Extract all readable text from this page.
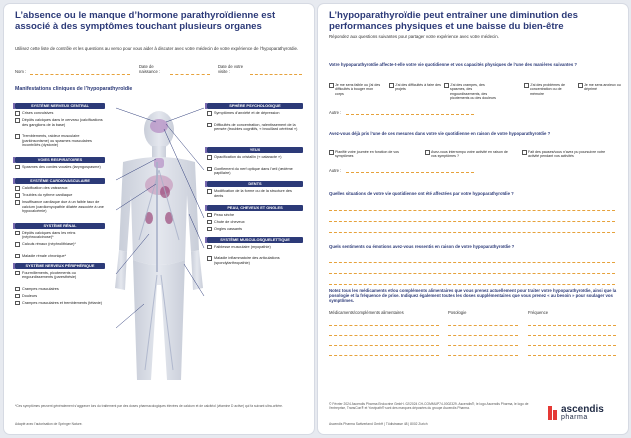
L’absence ou le manque d’hormone parathyroïdienne est associé à des symptômes touchant plusieurs organes
Utilisez cette liste de contrôle et les questions au verso pour vous aider à discuter avec votre médecin de votre expérience de l’hypoparathyroïdie.
Nom :
Date de naissance :
Date de votre visite :
Manifestations cliniques de l’hypoparathyroïdie
SYSTÈME NERVEUX CENTRAL
Crises convulsives
Dépôts calciques dans le cerveau (calcifications des ganglions de la base)
Tremblements, raideur musculaire (parkinsonisme) ou spasmes musculaires incontrôlés (dystonie)
VOIES RESPIRATOIRES
Spasmes des cordes vocales (laryngospasme)
SYSTÈME CARDIOVASCULAIRE
Calcification des vaisseaux
Troubles du rythme cardiaque
Insuffisance cardiaque due à un faible taux de calcium (cardiomyopathie dilatée associée à une hypocalcémie)
SYSTÈME RÉNAL
Dépôts calciques dans les reins (néphrocalcinose)*
Calculs rénaux (néphrolithiase)*
Maladie rénale chronique*
SYSTÈME NERVEUX PÉRIPHÉRIQUE
Fourmillements, picotements ou engourdissements (paresthésie)
Crampes musculaires
Douleurs
Crampes musculaires et tremblements (tétanie)
SPHÈRE PSYCHOLOGIQUE
Symptômes d’anxiété et de dépression
Difficultés de concentration, ralentissement de la pensée (troubles cognitifs, « brouillard cérébral »)
YEUX
Opacification du cristallin (« cataracte »)
Gonflement du nerf optique dans l’œil (œdème papillaire)
DENTS
Modification de la forme ou de la structure des dents
PEAU, CHEVEUX ET ONGLES
Peau sèche
Chute de cheveux
Ongles cassants
SYSTÈME MUSCULOSQUELETTIQUE
Faiblesse musculaire (myopathie)
Maladie inflammatoire des articulations (spondylarthropathie)
*Ces symptômes peuvent généralement s’aggraver lors du traitement par des doses pharmacologiques élevées de calcium et de calcitriol (vitamine D active) qui fa suivant ultra-critère.
Adapté avec l’autorisation de Springer Nature.
L’hypoparathyroïdie peut entraîner une diminution des performances physiques et une baisse du bien-être
Répondez aux questions suivantes pour partager votre expérience avec votre médecin.
Votre hypoparathyroïdie affecte-t-elle votre vie quotidienne et vos capacités physiques de l’une des manières suivantes ?
Je me sens faible ou j’ai des difficultés à bouger mon corps
J’ai des difficultés à faire des projets
J’ai des crampes, des spasmes, des engourdissements, des picotements ou des douleurs
J’ai des problèmes de concentration ou de mémoire
Je me sens anxieux ou déprimé
Autre :
Avez-vous déjà pris l’une de ces mesures dans votre vie quotidienne en raison de votre hypoparathyroïdie ?
Planifié votre journée en fonction de vos symptômes
Avez-vous interrompu votre activité en raison de vos symptômes ?
Fait des pauses/vous n’avez pu poursuivre votre activité pendant vos activités
Autre :
Quelles situations de votre vie quotidienne ont été affectées par votre hypoparathyroïdie ?
Quels sentiments ou émotions avez-vous ressentis en raison de votre hypoparathyroïdie ?
Notez tous les médicaments et/ou compléments alimentaires que vous prenez actuellement pour traiter votre hypoparathyroïdie, ainsi que la posologie et la fréquence de prise. Indiquez également toutes les doses supplémentaires que vous prenez « au besoin » pour soulager vos symptômes.
Médicaments/compléments alimentaires	Posologie	Fréquence
© Février 2024 Ascendis Pharma Endocrine GmbH. 02/2024 CH-COMMUP74-0002329. Ascendis®, le logo Ascendis Pharma, le logo de l’entreprise, TransCon® et Yorvipath® sont des marques déposées du groupe Ascendis Pharma.
Ascendis Pharma Switzerland GmbH | Tödistrasse 48 | 8002 Zurich
ascendis
pharma
